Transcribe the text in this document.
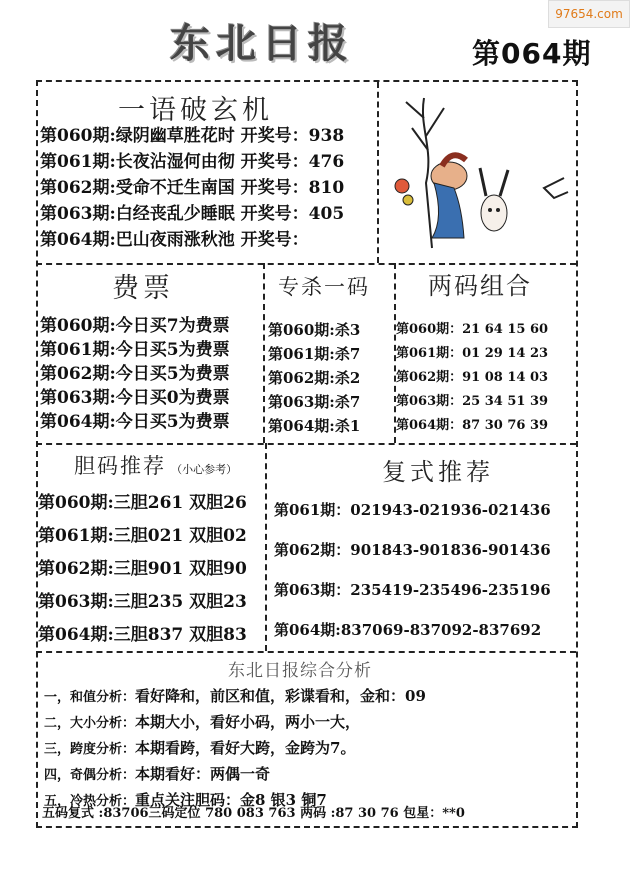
97654.com
东北日报	第064期
一语破玄机
第060期:绿阴幽草胜花时 开奖号：938
第061期:长夜沾湿何由彻 开奖号：476
第062期:受命不迁生南国 开奖号：810
第063期:白经丧乱少睡眠 开奖号：405
第064期:巴山夜雨涨秋池 开奖号：
费票
第060期:今日买7为费票
第061期:今日买5为费票
第062期:今日买5为费票
第063期:今日买0为费票
第064期:今日买5为费票
专杀一码
第060期:杀3
第061期:杀7
第062期:杀2
第063期:杀7
第064期:杀1
两码组合
第060期：21 64 15 60
第061期：01 29 14 23
第062期：91 08 14 03
第063期：25 34 51 39
第064期：87 30 76 39
胆码推荐 （小心参考）
第060期:三胆261 双胆26
第061期:三胆021 双胆02
第062期:三胆901 双胆90
第063期:三胆235 双胆23
第064期:三胆837 双胆83
复式推荐
第061期：021943-021936-021436
第062期：901843-901836-901436
第063期：235419-235496-235196
第064期:837069-837092-837692
东北日报综合分析
一，和值分析：看好降和，前区和值，彩谍看和，金和：09
二，大小分析：本期大小，看好小码，两小一大，
三，跨度分析：本期看跨，看好大跨，金跨为7。
四，奇偶分析：本期看好：两偶一奇
五，冷热分析：重点关注胆码：金8 银3 铜7
五码复式 :83706三码定位 780 083 763 两码 :87 30 76 包星：**0
